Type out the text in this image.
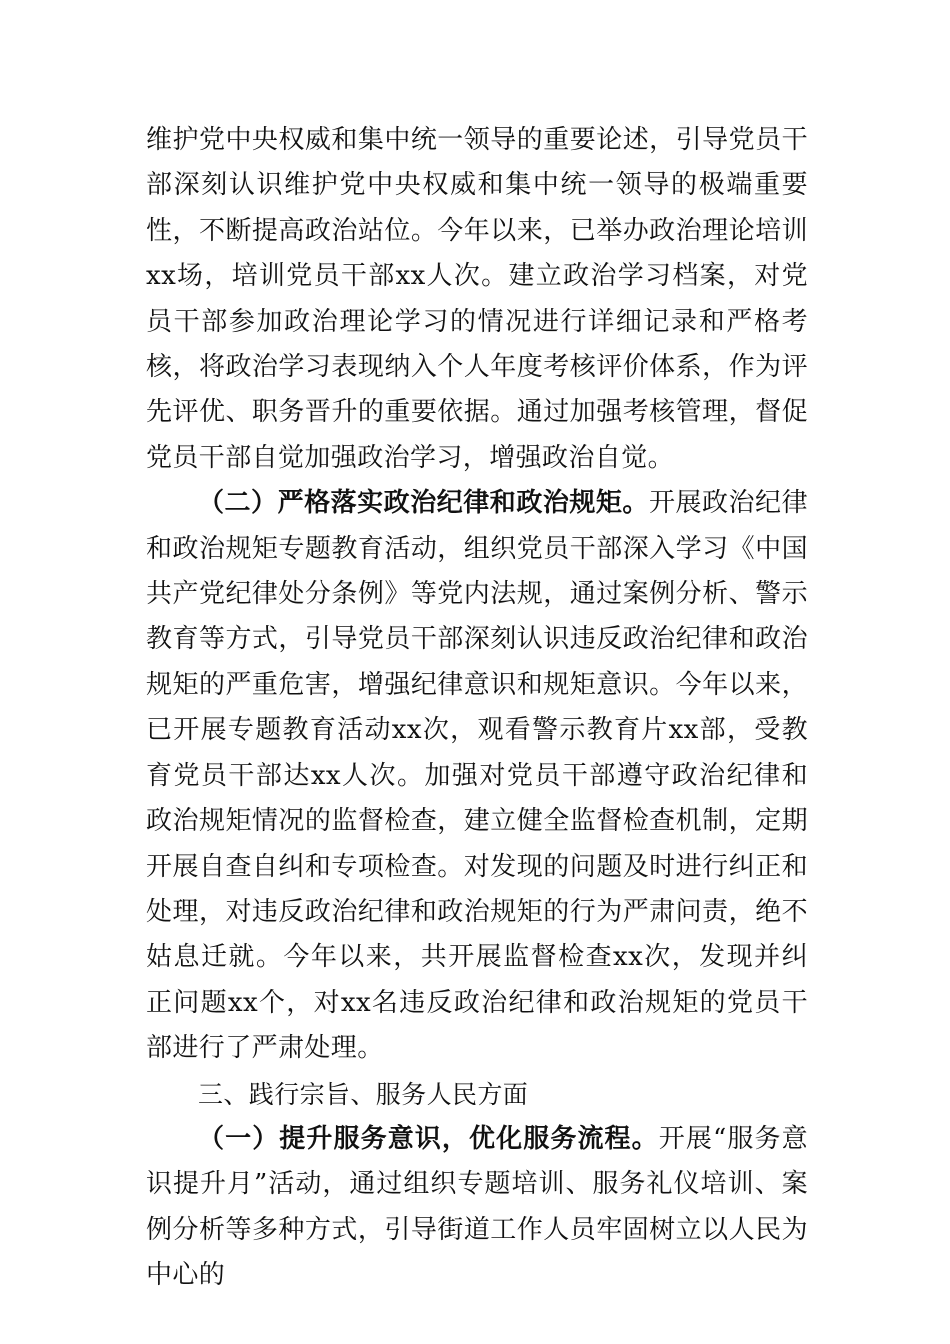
维护党中央权威和集中统一领导的重要论述，引导党员干部深刻认识维护党中央权威和集中统一领导的极端重要性，不断提高政治站位。今年以来，已举办政治理论培训xx场，培训党员干部xx人次。建立政治学习档案，对党员干部参加政治理论学习的情况进行详细记录和严格考核，将政治学习表现纳入个人年度考核评价体系，作为评先评优、职务晋升的重要依据。通过加强考核管理，督促党员干部自觉加强政治学习，增强政治自觉。

（二）严格落实政治纪律和政治规矩。开展政治纪律和政治规矩专题教育活动，组织党员干部深入学习《中国共产党纪律处分条例》等党内法规，通过案例分析、警示教育等方式，引导党员干部深刻认识违反政治纪律和政治规矩的严重危害，增强纪律意识和规矩意识。今年以来，已开展专题教育活动xx次，观看警示教育片xx部，受教育党员干部达xx人次。加强对党员干部遵守政治纪律和政治规矩情况的监督检查，建立健全监督检查机制，定期开展自查自纠和专项检查。对发现的问题及时进行纠正和处理，对违反政治纪律和政治规矩的行为严肃问责，绝不姑息迁就。今年以来，共开展监督检查xx次，发现并纠正问题xx个，对xx名违反政治纪律和政治规矩的党员干部进行了严肃处理。

三、践行宗旨、服务人民方面

（一）提升服务意识，优化服务流程。开展“服务意识提升月”活动，通过组织专题培训、服务礼仪培训、案例分析等多种方式，引导街道工作人员牢固树立以人民为中心的
